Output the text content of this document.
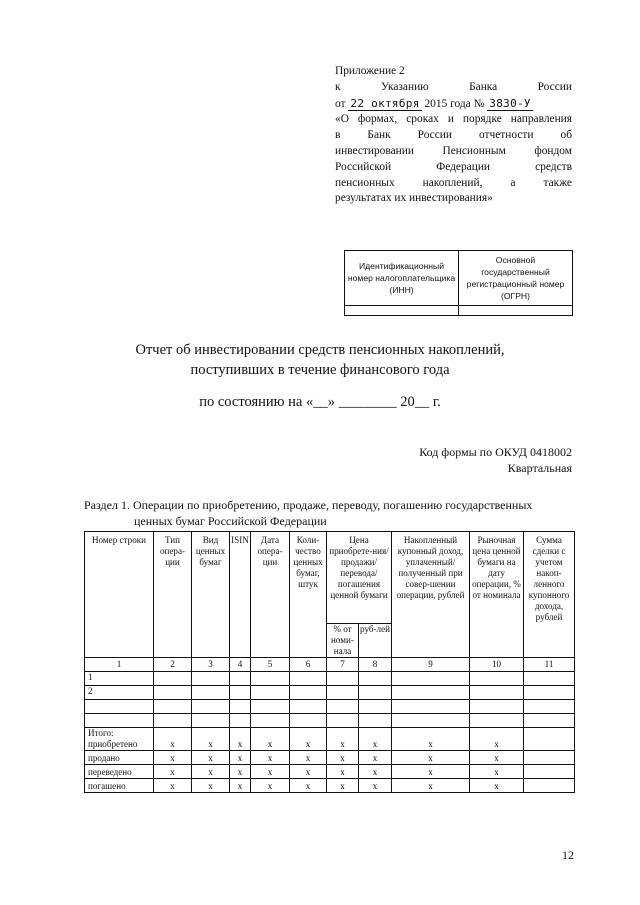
Приложение 2
к	Указанию	Банка	России
от 22 октября 2015 года № 3830-У
«О формах, сроках и порядке направления
в Банк России отчетности об
инвестировании Пенсионным фондом
Российской Федерации средств
пенсионных накоплений, а также
результатах их инвестирования»
Идентификационный номер налогоплательщика (ИНН)	Основной государственный регистрационный номер (ОГРН)

Отчет об инвестировании средств пенсионных накоплений,
поступивших в течение финансового года
по состоянию на «__» ________ 20__ г.
Код формы по ОКУД 0418002
Квартальная
Раздел 1. Операции по приобретению, продаже, переводу, погашению государственных
ценных бумаг Российской Федерации
Номер строки	Тип опера-ции	Вид ценных бумаг	ISIN	Дата опера-ции	Коли-чество ценных бумаг, штук	Цена приобрете-ния/продажи/ перевода/ погашения ценной бумаги		Накопленный купонный доход, уплаченный/ полученный при совер-шении операции, рублей	Рыночная цена ценной бумаги на дату операции, % от номинала	Сумма сделки с учетом накоп-ленного купонного дохода, рублей
						% от номи-нала	руб-лей			
1	2	3	4	5	6	7	8	9	10	11
1										
2										

Итого:
приобретено	x	x	x	x	x	x	x	x	x	
продано	x	x	x	x	x	x	x	x	x	
переведено	x	x	x	x	x	x	x	x	x	
погашено	x	x	x	x	x	x	x	x	x	
12
